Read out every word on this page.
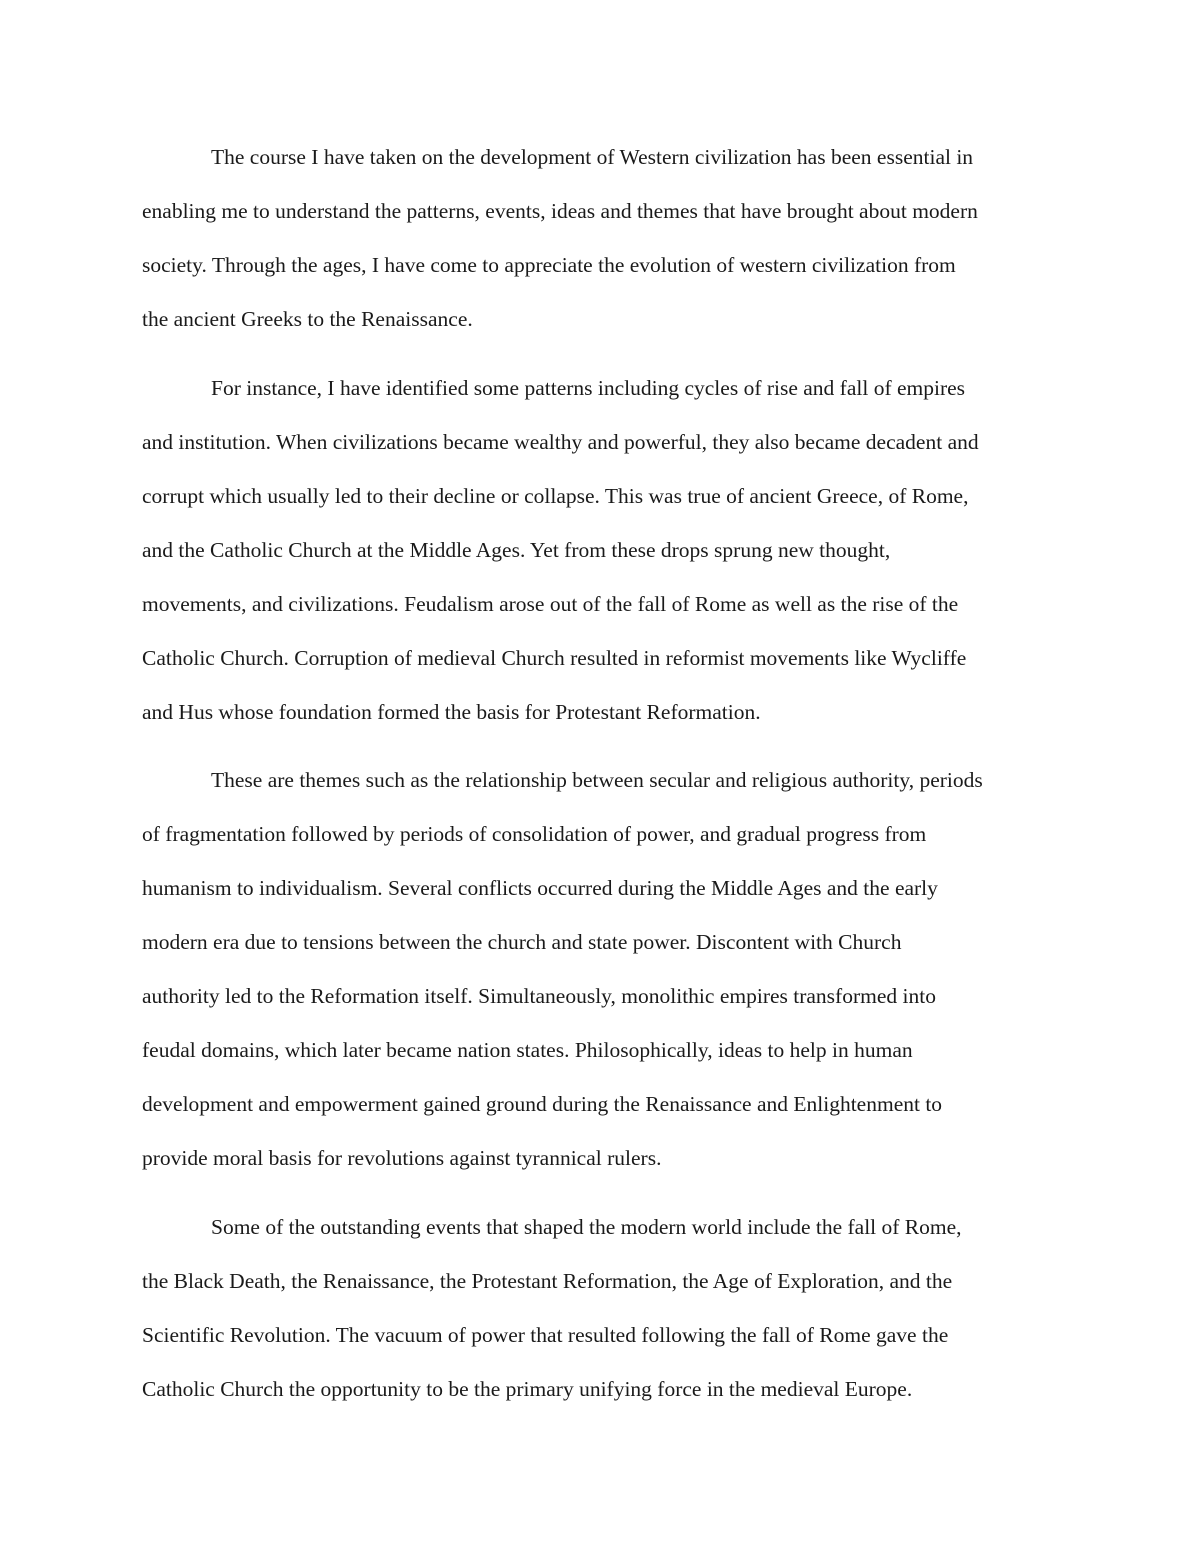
The course I have taken on the development of Western civilization has been essential in
enabling me to understand the patterns, events, ideas and themes that have brought about modern
society. Through the ages, I have come to appreciate the evolution of western civilization from
the ancient Greeks to the Renaissance.
For instance, I have identified some patterns including cycles of rise and fall of empires
and institution. When civilizations became wealthy and powerful, they also became decadent and
corrupt which usually led to their decline or collapse. This was true of ancient Greece, of Rome,
and the Catholic Church at the Middle Ages. Yet from these drops sprung new thought,
movements, and civilizations. Feudalism arose out of the fall of Rome as well as the rise of the
Catholic Church. Corruption of medieval Church resulted in reformist movements like Wycliffe
and Hus whose foundation formed the basis for Protestant Reformation.
These are themes such as the relationship between secular and religious authority, periods
of fragmentation followed by periods of consolidation of power, and gradual progress from
humanism to individualism. Several conflicts occurred during the Middle Ages and the early
modern era due to tensions between the church and state power. Discontent with Church
authority led to the Reformation itself. Simultaneously, monolithic empires transformed into
feudal domains, which later became nation states. Philosophically, ideas to help in human
development and empowerment gained ground during the Renaissance and Enlightenment to
provide moral basis for revolutions against tyrannical rulers.
Some of the outstanding events that shaped the modern world include the fall of Rome,
the Black Death, the Renaissance, the Protestant Reformation, the Age of Exploration, and the
Scientific Revolution. The vacuum of power that resulted following the fall of Rome gave the
Catholic Church the opportunity to be the primary unifying force in the medieval Europe.
